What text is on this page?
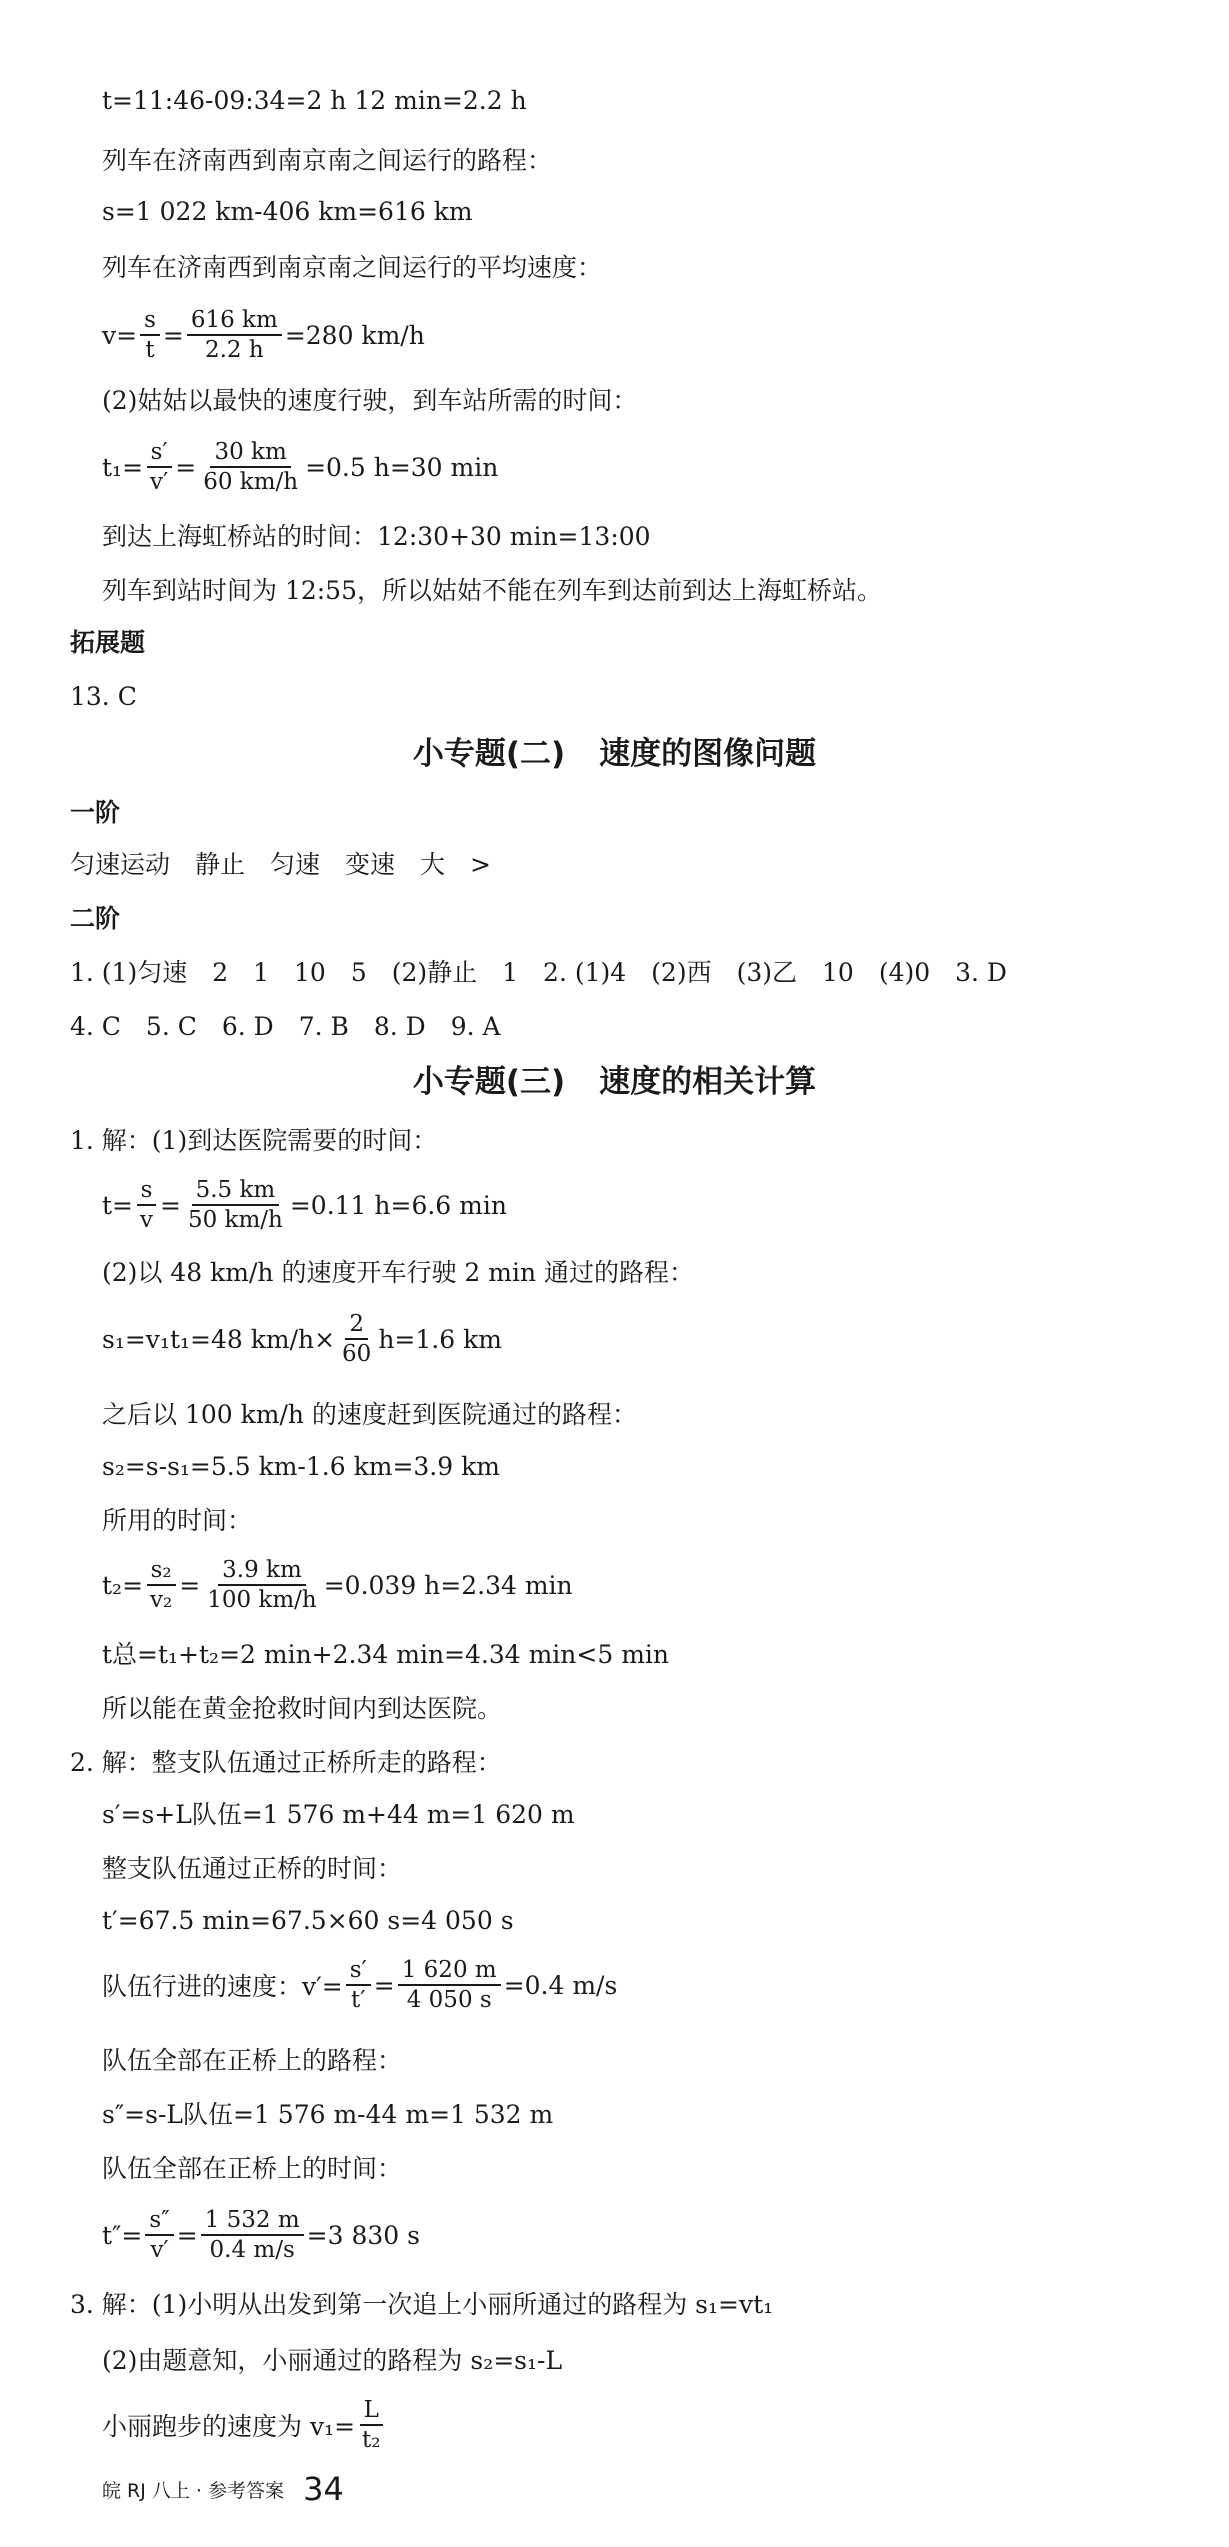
t=11:46-09:34=2 h 12 min=2.2 h
列车在济南西到南京南之间运行的路程：
s=1 022 km-406 km=616 km
列车在济南西到南京南之间运行的平均速度：
$v= \frac{s}{t} = \frac{616 km}{2.2 h} =280$ km/h
(2)姑姑以最快的速度行驶，到车站所需的时间：
$t_1= \frac{s'}{v'} = \frac{30 km}{60 km/h} =0.5$ h=30 min
到达上海虹桥站的时间：12:30+30 min=13:00
列车到站时间为 12:55，所以姑姑不能在列车到达前到达上海虹桥站。
拓展题
13. C
小专题(二) 速度的图像问题
一阶
匀速运动　静止　匀速　变速　大　>
二阶
1. (1)匀速　2　1　10　5　(2)静止　1　2. (1)4　(2)西　(3)乙　10　(4)0　3. D
4. C　5. C　6. D　7. B　8. D　9. A
小专题(三) 速度的相关计算
1. 解：(1)到达医院需要的时间：
$t= \frac{s}{v} = \frac{5.5 km}{50 km/h} =0.11$ h=6.6 min
(2)以 48 km/h 的速度开车行驶 2 min 通过的路程：
s₁=v₁t₁=48 $km/h\times \frac{2}{60} h=1.6$ km
之后以 100 km/h 的速度赶到医院通过的路程：
s₂=s-s₁=5.5 km-1.6 km=3.9 km
所用的时间：
$t_2= \frac{\text{s₂}}{\text{v₂}} = \frac{3.9 km}{100 km/h} =0.039$ h=2.34 min
t总=t₁+t₂=2 min+2.34 min=4.34 min<5 min
所以能在黄金抢救时间内到达医院。
2. 解：整支队伍通过正桥所走的路程：
s′=s+L队伍=1 576 m+44 m=1 620 m
整支队伍通过正桥的时间：
t′=67.5 min=67.5×60 s=4 050 s
队伍行进的速度：$v'= \frac{s'}{t'} = \frac{1 620 m}{4 050 s} =0.4$ m/s
队伍全部在正桥上的路程：
s″=s-L队伍=1 576 m-44 m=1 532 m
队伍全部在正桥上的时间：
$t''= \frac{s''}{v'} = \frac{1 532 m}{0.4 m/s} =3$ 830 s
3. 解：(1)小明从出发到第一次追上小丽所通过的路程为 s₁=vt₁
(2)由题意知，小丽通过的路程为 s₂=s₁-L
小丽跑步的速度为 $v_1= \frac{L}{\text{t₂}}$
皖 RJ 八上 · 参考答案 34
